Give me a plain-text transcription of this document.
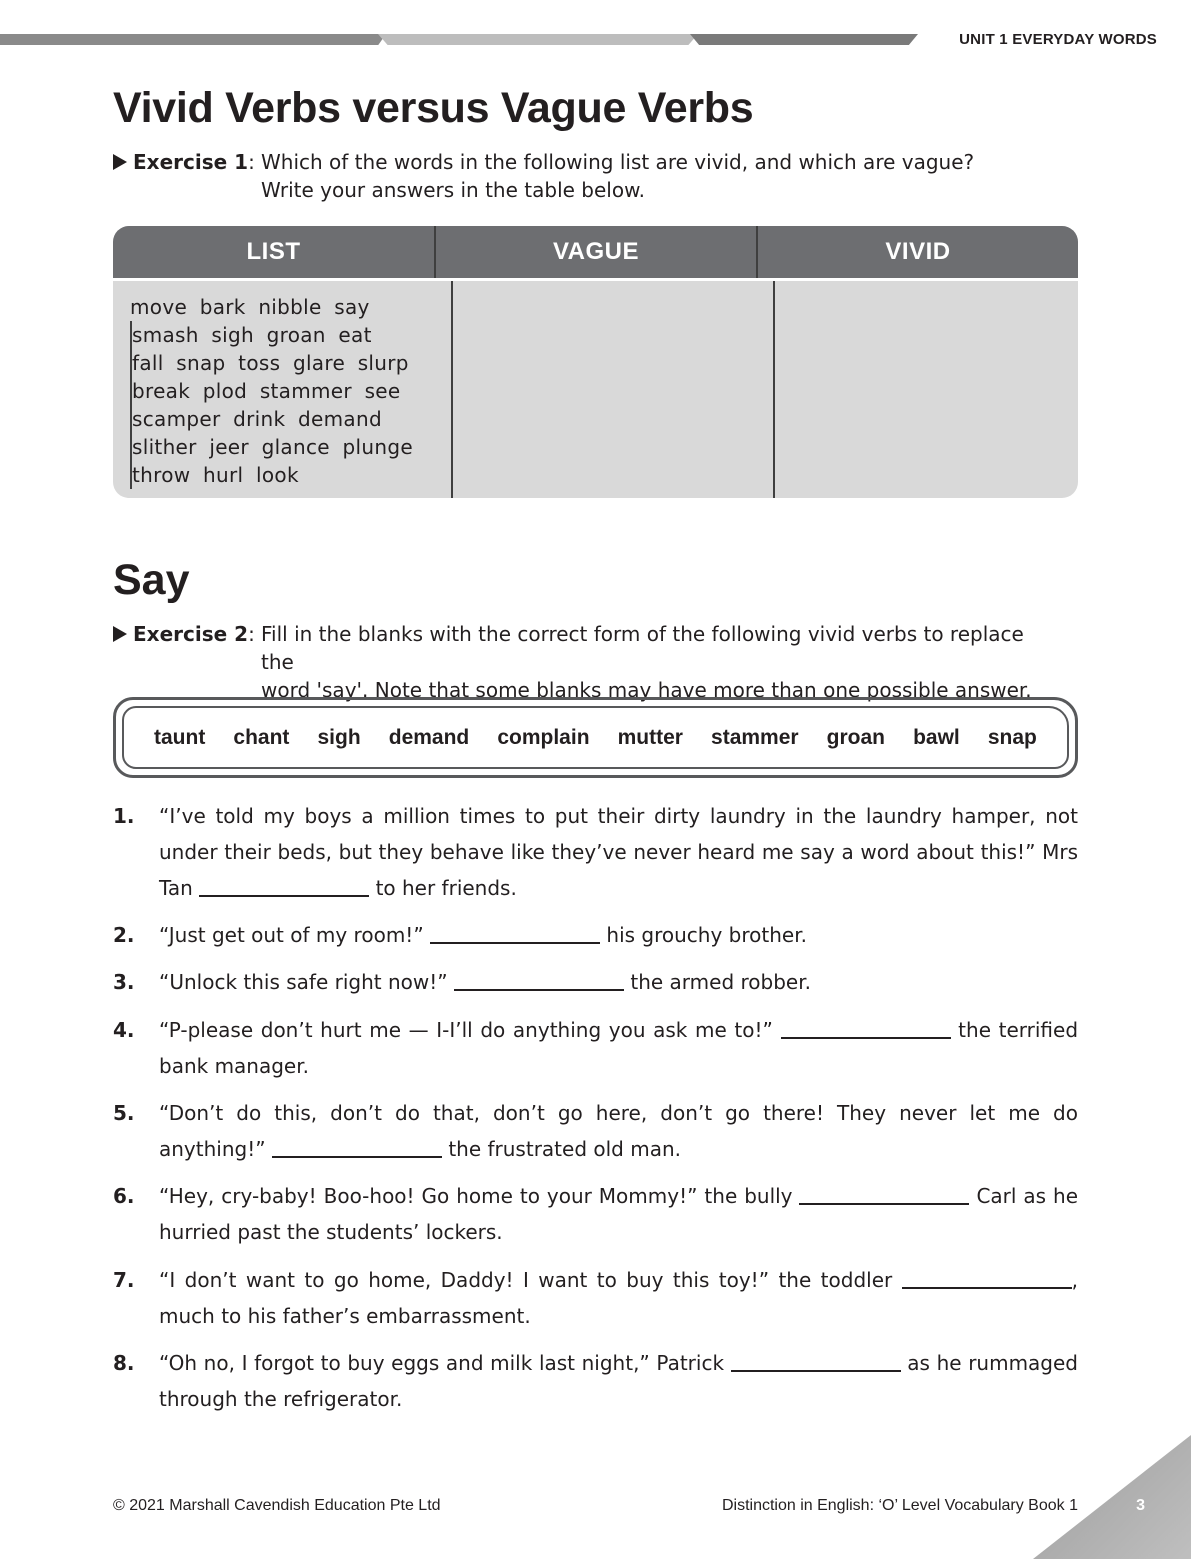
UNIT 1 EVERYDAY WORDS
Vivid Verbs versus Vague Verbs
Exercise 1: Which of the words in the following list are vivid, and which are vague?
Write your answers in the table below.
LIST	VAGUE	VIVID
move bark nibble say
smash sigh groan eat
fall snap toss glare slurp
break plod stammer see
scamper drink demand
slither jeer glance plunge
throw hurl look
Say
Exercise 2: Fill in the blanks with the correct form of the following vivid verbs to replace the
word 'say'. Note that some blanks may have more than one possible answer.
taunt chant sigh demand complain mutter stammer groan bawl snap
1. “I’ve told my boys a million times to put their dirty laundry in the laundry hamper, not under their beds, but they behave like they’ve never heard me say a word about this!” Mrs Tan	to her friends.
2. “Just get out of my room!”	his grouchy brother.
3. “Unlock this safe right now!”	the armed robber.
4. “P-please don’t hurt me — I-I’ll do anything you ask me to!”	the terrified bank manager.
5. “Don’t do this, don’t do that, don’t go here, don’t go there! They never let me do anything!”	the frustrated old man.
6. “Hey, cry-baby! Boo-hoo! Go home to your Mommy!” the bully	Carl as he hurried past the students’ lockers.
7. “I don’t want to go home, Daddy! I want to buy this toy!” the toddler	, much to his father’s embarrassment.
8. “Oh no, I forgot to buy eggs and milk last night,” Patrick	as he rummaged through the refrigerator.
© 2021 Marshall Cavendish Education Pte Ltd	Distinction in English: ‘O’ Level Vocabulary Book 1	3
